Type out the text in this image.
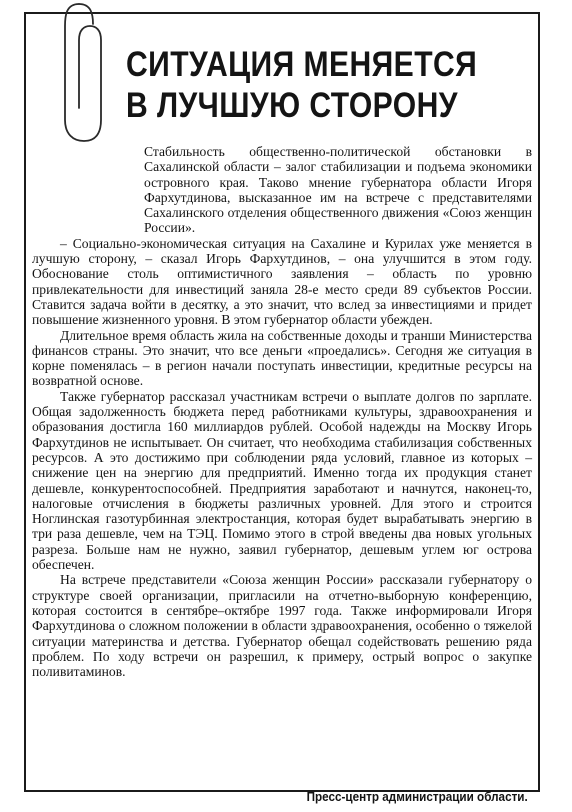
СИТУАЦИЯ МЕНЯЕТСЯ
В ЛУЧШУЮ СТОРОНУ

Стабильность общественно-политической обстановки в Сахалинской области – залог стабилизации и подъема экономики островного края. Таково мнение губернатора области Игоря Фархутдинова, высказанное им на встрече с представителями Сахалинского отделения общественного движения «Союз женщин России».

– Социально-экономическая ситуация на Сахалине и Курилах уже меняется в лучшую сторону, – сказал Игорь Фархутдинов, – она улучшится в этом году. Обоснование столь оптимистичного заявления – область по уровню привлекательности для инвестиций заняла 28-е место среди 89 субъектов России. Ставится задача войти в десятку, а это значит, что вслед за инвестициями и придет повышение жизненного уровня. В этом губернатор области убежден.

Длительное время область жила на собственные доходы и транши Министерства финансов страны. Это значит, что все деньги «проедались». Сегодня же ситуация в корне поменялась – в регион начали поступать инвестиции, кредитные ресурсы на возвратной основе.

Также губернатор рассказал участникам встречи о выплате долгов по зарплате. Общая задолженность бюджета перед работниками культуры, здравоохранения и образования достигла 160 миллиардов рублей. Особой надежды на Москву Игорь Фархутдинов не испытывает. Он считает, что необходима стабилизация собственных ресурсов. А это достижимо при соблюдении ряда условий, главное из которых – снижение цен на энергию для предприятий. Именно тогда их продукция станет дешевле, конкурентоспособней. Предприятия заработают и начнутся, наконец-то, налоговые отчисления в бюджеты различных уровней. Для этого и строится Ноглинская газотурбинная электростанция, которая будет вырабатывать энергию в три раза дешевле, чем на ТЭЦ. Помимо этого в строй введены два новых угольных разреза. Больше нам не нужно, заявил губернатор, дешевым углем юг острова обеспечен.

На встрече представители «Союза женщин России» рассказали губернатору о структуре своей организации, пригласили на отчетно-выборную конференцию, которая состоится в сентябре–октябре 1997 года. Также информировали Игоря Фархутдинова о сложном положении в области здравоохранения, особенно о тяжелой ситуации материнства и детства. Губернатор обещал содействовать решению ряда проблем. По ходу встречи он разрешил, к примеру, острый вопрос о закупке поливитаминов.

Пресс-центр администрации области.
